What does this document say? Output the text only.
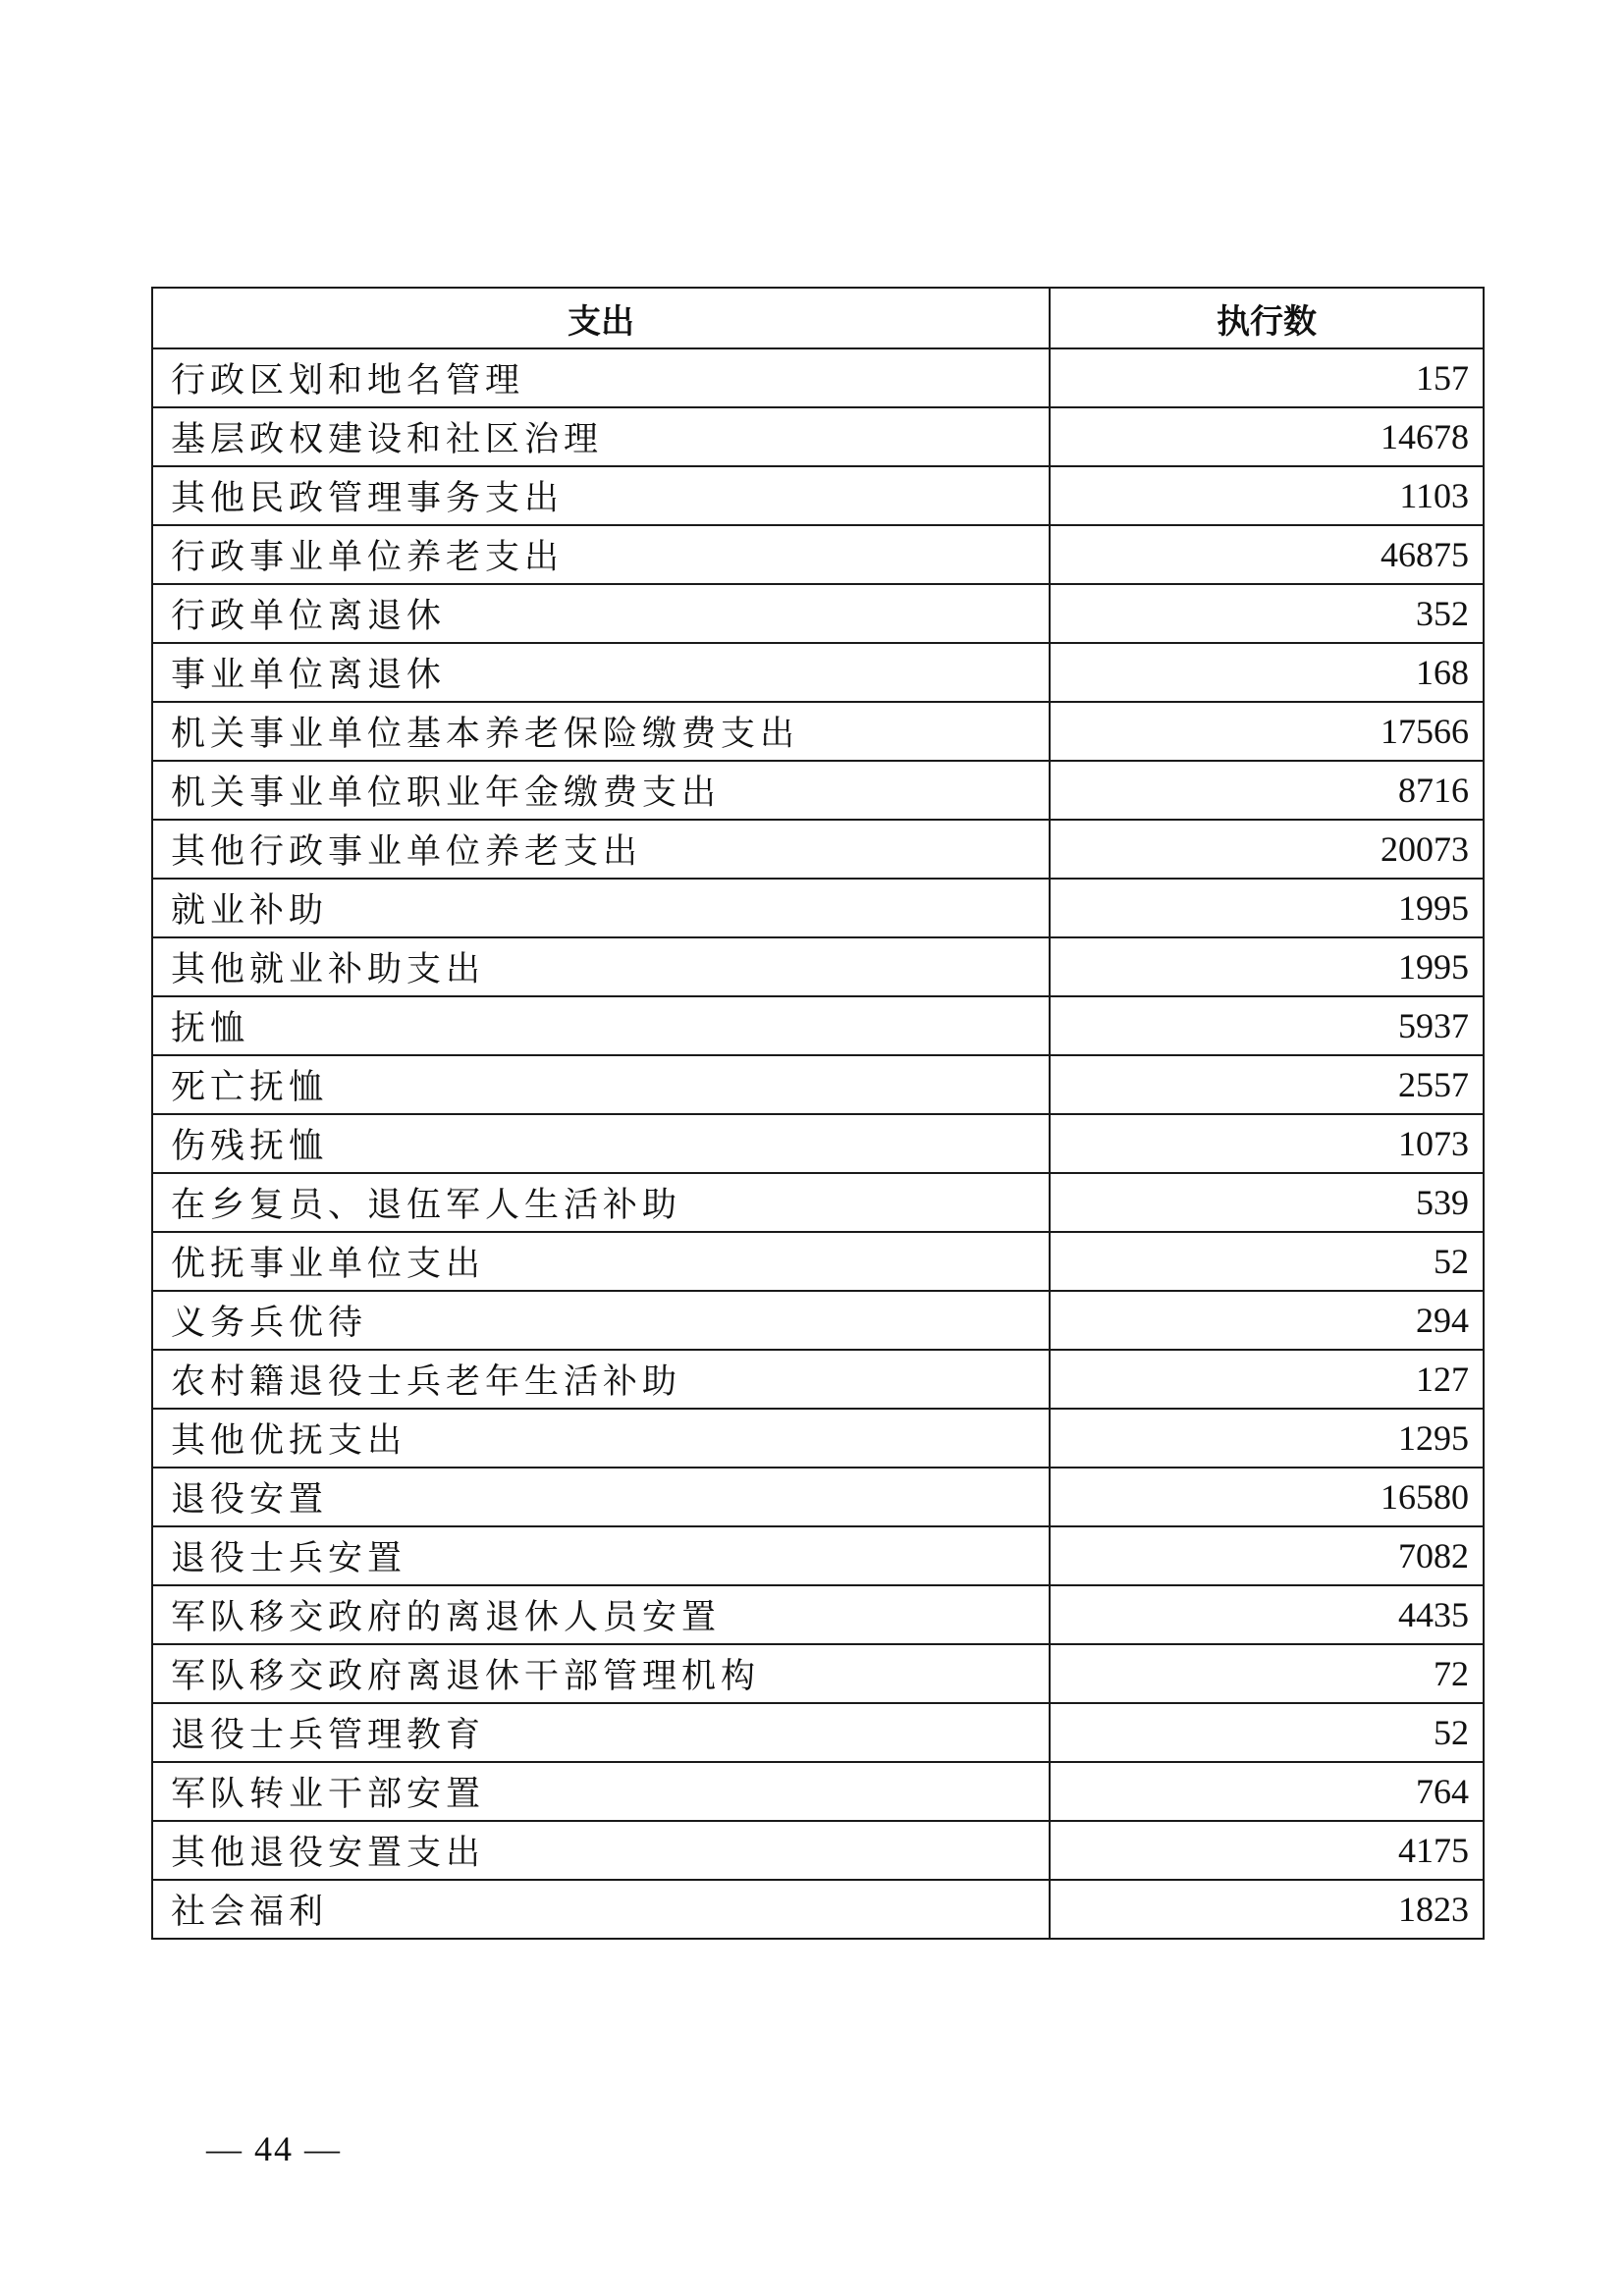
支出	执行数
行政区划和地名管理	157
基层政权建设和社区治理	14678
其他民政管理事务支出	1103
行政事业单位养老支出	46875
行政单位离退休	352
事业单位离退休	168
机关事业单位基本养老保险缴费支出	17566
机关事业单位职业年金缴费支出	8716
其他行政事业单位养老支出	20073
就业补助	1995
其他就业补助支出	1995
抚恤	5937
死亡抚恤	2557
伤残抚恤	1073
在乡复员、退伍军人生活补助	539
优抚事业单位支出	52
义务兵优待	294
农村籍退役士兵老年生活补助	127
其他优抚支出	1295
退役安置	16580
退役士兵安置	7082
军队移交政府的离退休人员安置	4435
军队移交政府离退休干部管理机构	72
退役士兵管理教育	52
军队转业干部安置	764
其他退役安置支出	4175
社会福利	1823
— 44 —
